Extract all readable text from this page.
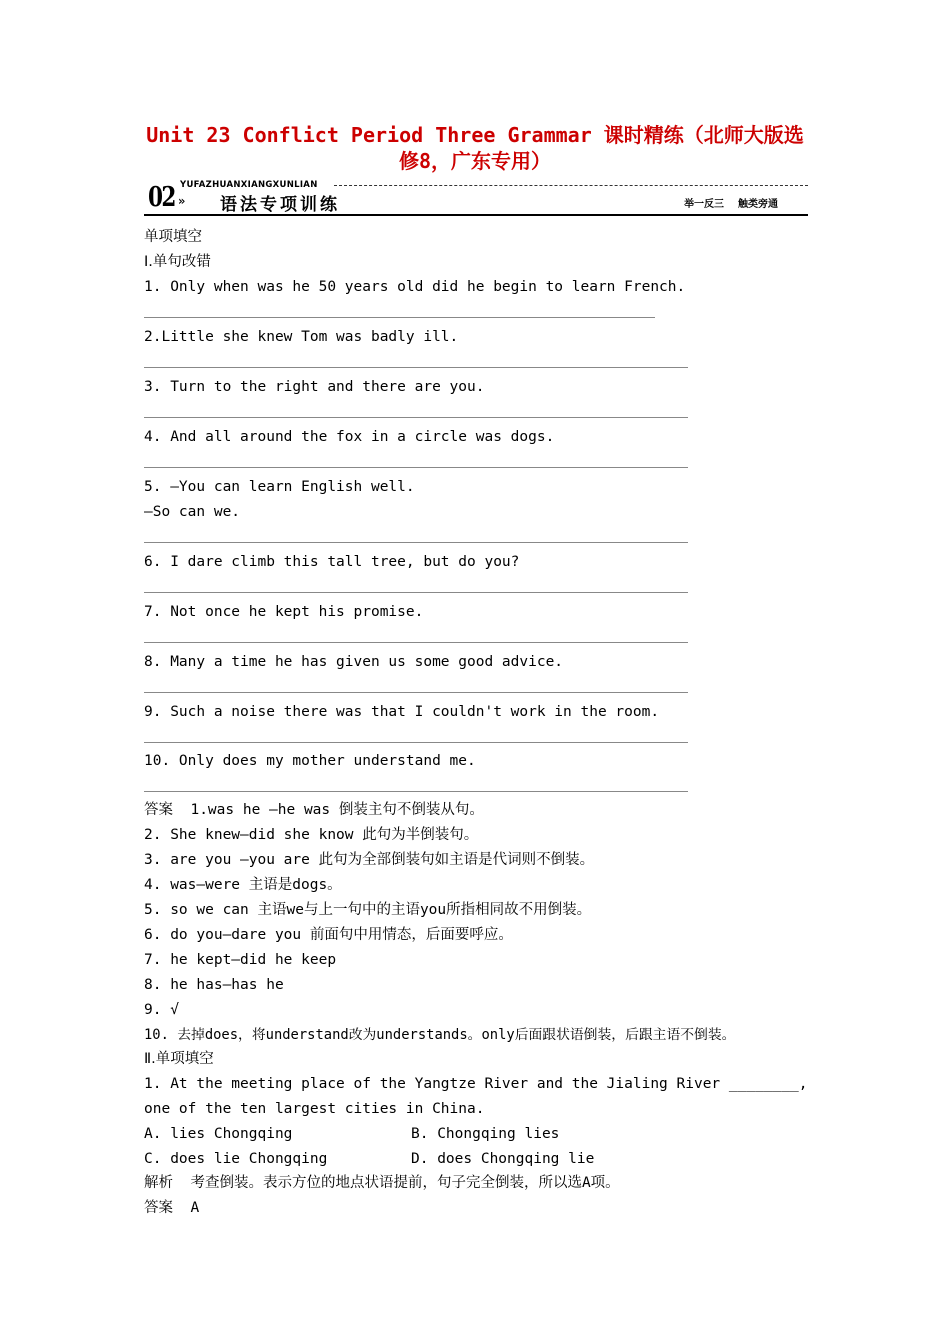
Unit 23 Conflict Period Three Grammar 课时精练（北师大版选
修8，广东专用）
02 YUFAZHUANXIANGXUNLIAN
» 语法专项训练	举一反三 触类旁通
单项填空
Ⅰ.单句改错
1. Only when was he 50 years old did he begin to learn French.
2.Little she knew Tom was badly ill.
3. Turn to the right and there are you.
4. And all around the fox in a circle was dogs.
5. —You can learn English well.
—So can we.
6. I dare climb this tall tree, but do you?
7. Not once he kept his promise.
8. Many a time he has given us some good advice.
9. Such a noise there was that I couldn't work in the room.
10. Only does my mother understand me.
答案  1.was he —he was 倒装主句不倒装从句。
2. She knew—did she know 此句为半倒装句。
3. are you —you are 此句为全部倒装句如主语是代词则不倒装。
4. was—were 主语是dogs。
5. so we can 主语we与上一句中的主语you所指相同故不用倒装。
6. do you—dare you 前面句中用情态，后面要呼应。
7. he kept—did he keep
8. he has—has he
9. √
10. 去掉does，将understand改为understands。only后面跟状语倒装，后跟主语不倒装。
Ⅱ.单项填空
1. At the meeting place of the Yangtze River and the Jialing River ________,
one of the ten largest cities in China.
A. lies Chongqing	B. Chongqing lies
C. does lie Chongqing	D. does Chongqing lie
解析  考查倒装。表示方位的地点状语提前，句子完全倒装，所以选A项。
答案  A
